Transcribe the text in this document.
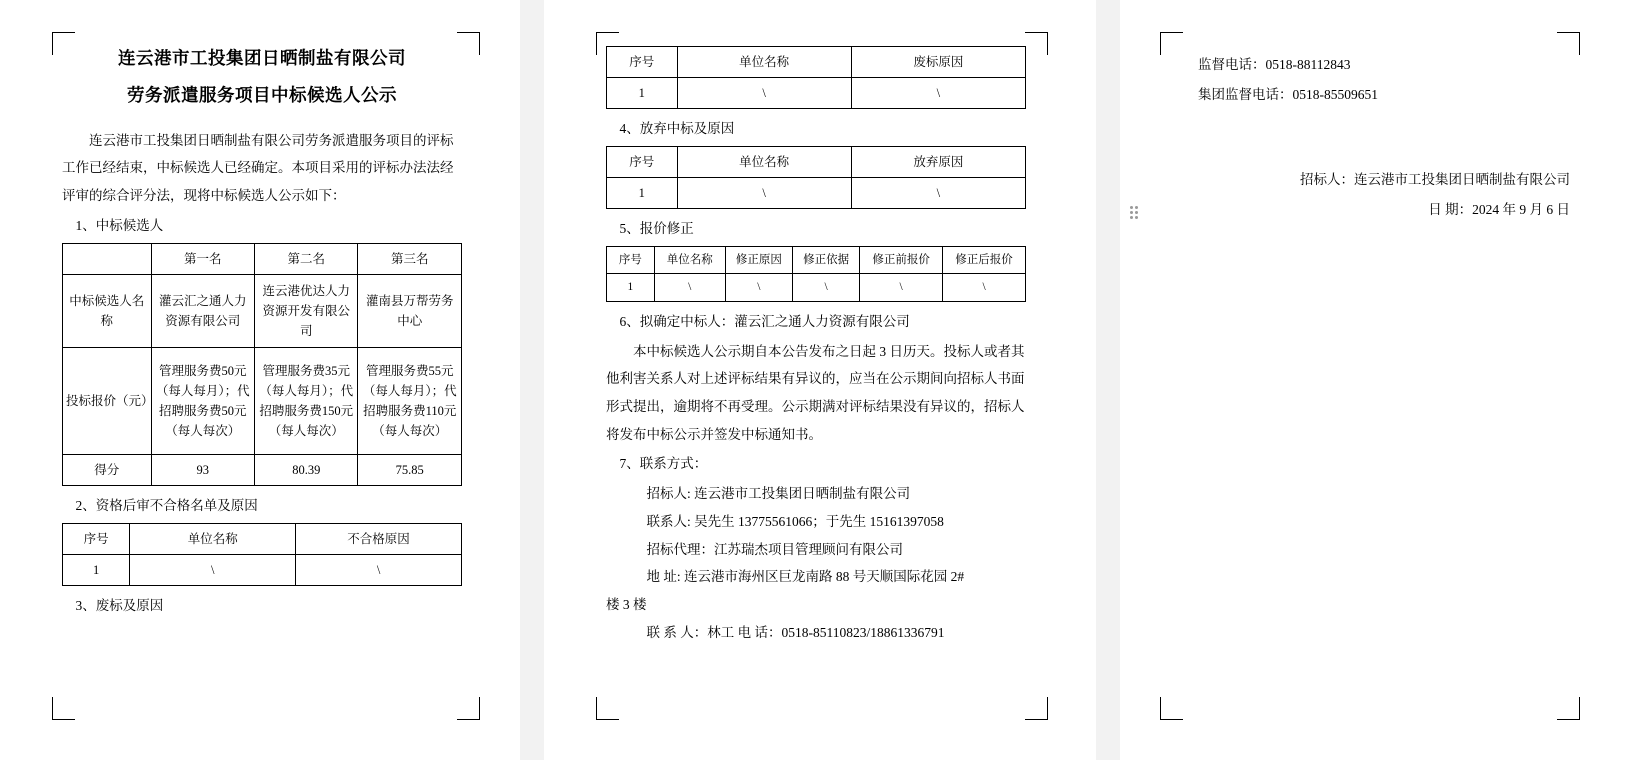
连云港市工投集团日晒制盐有限公司
劳务派遣服务项目中标候选人公示

连云港市工投集团日晒制盐有限公司劳务派遣服务项目的评标工作已经结束，中标候选人已经确定。本项目采用的评标办法法经评审的综合评分法，现将中标候选人公示如下：

1、中标候选人

	第一名	第二名	第三名
中标候选人名称	灌云汇之通人力资源有限公司	连云港优达人力资源开发有限公司	灌南县万帮劳务中心
投标报价（元）	管理服务费50元（每人每月）；代招聘服务费50元（每人每次）	管理服务费35元（每人每月）；代招聘服务费150元（每人每次）	管理服务费55元（每人每月）；代招聘服务费110元（每人每次）
得分	93	80.39	75.85

2、资格后审不合格名单及原因

序号	单位名称	不合格原因
1	\	\

3、废标及原因

序号	单位名称	废标原因
1	\	\

4、放弃中标及原因

序号	单位名称	放弃原因
1	\	\

5、报价修正

序号	单位名称	修正原因	修正依据	修正前报价	修正后报价
1	\	\	\	\	\

6、拟确定中标人：灌云汇之通人力资源有限公司

本中标候选人公示期自本公告发布之日起 3 日历天。投标人或者其他利害关系人对上述评标结果有异议的，应当在公示期间向招标人书面形式提出，逾期将不再受理。公示期满对评标结果没有异议的，招标人将发布中标公示并签发中标通知书。

7、联系方式：

招标人: 连云港市工投集团日晒制盐有限公司

联系人: 吴先生 13775561066；于先生 15161397058

招标代理：江苏瑞杰项目管理顾问有限公司

地 址: 连云港市海州区巨龙南路 88 号天顺国际花园 2#

楼 3 楼

联 系 人：林工 电 话：0518-85110823/18861336791

监督电话：0518-88112843

集团监督电话：0518-85509651

招标人：连云港市工投集团日晒制盐有限公司

日 期：2024 年 9 月 6 日
